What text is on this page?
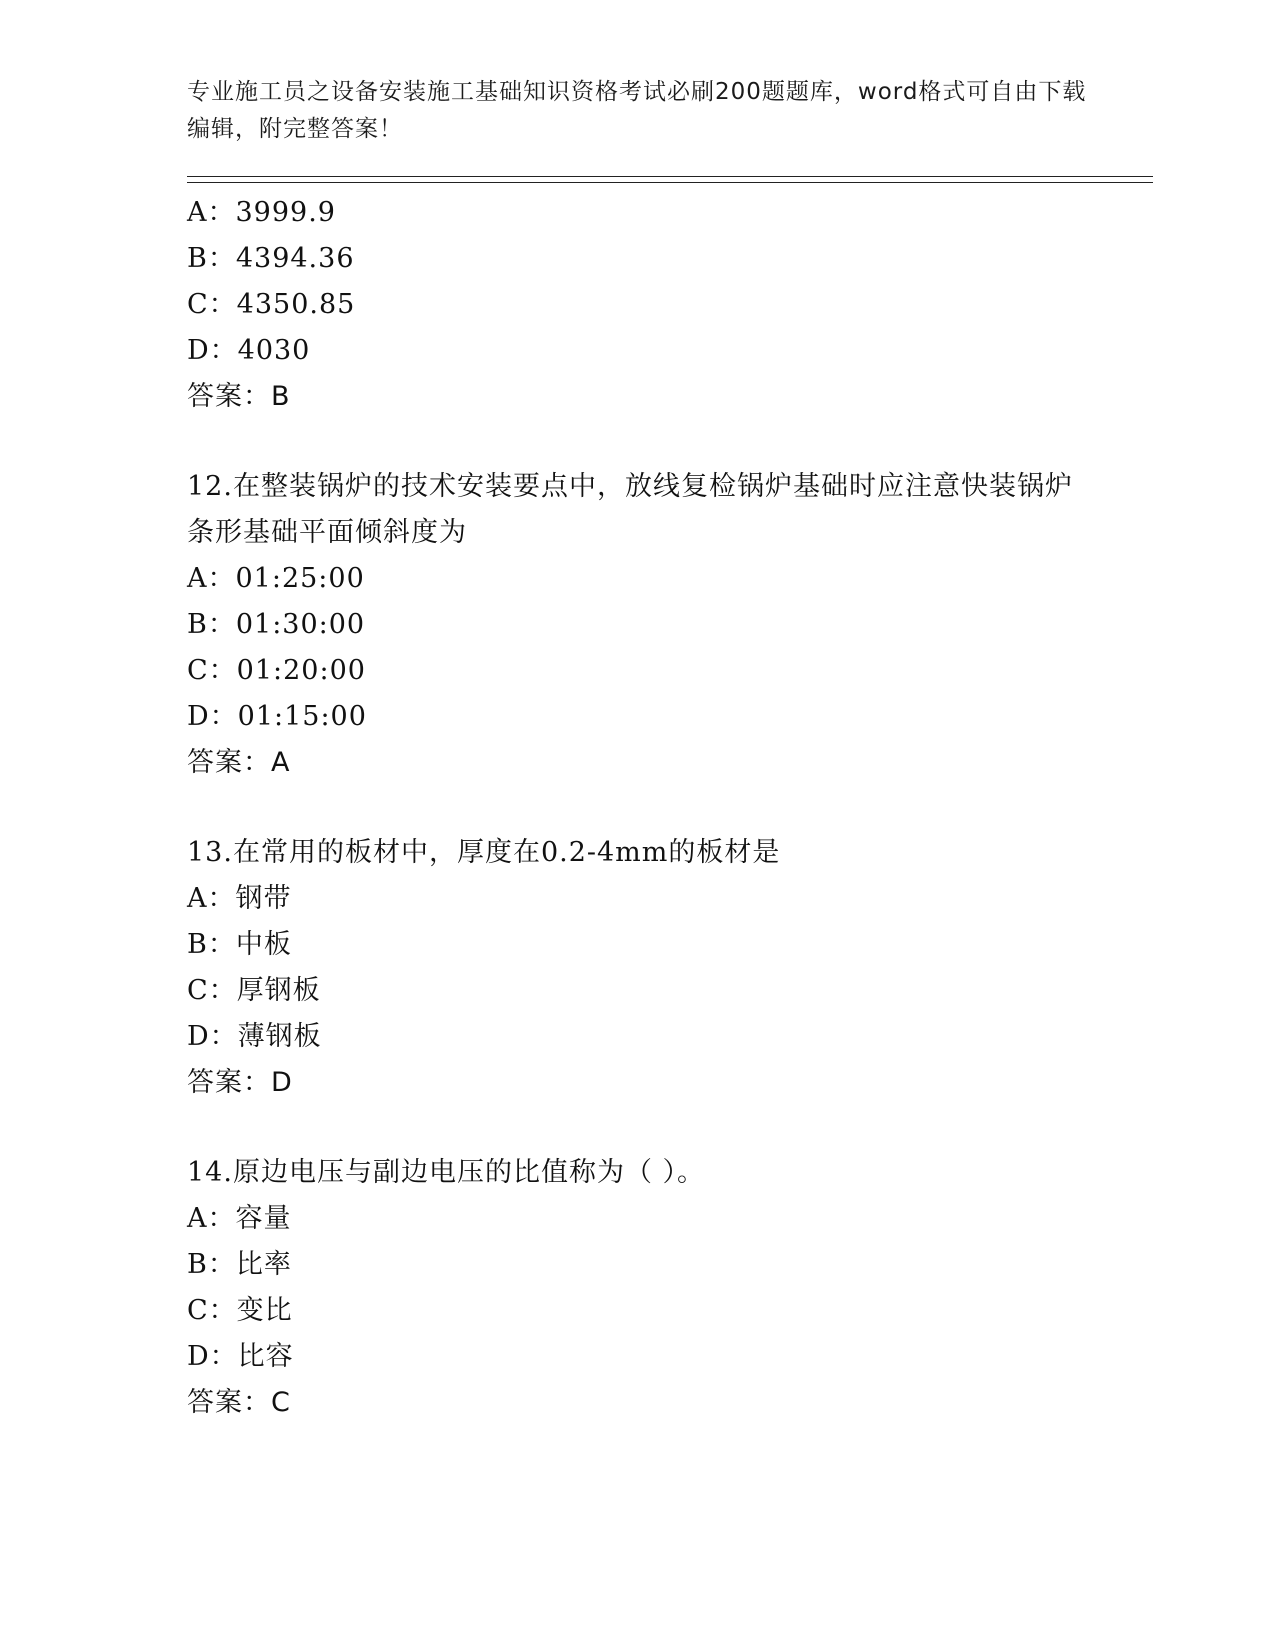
专业施工员之设备安装施工基础知识资格考试必刷200题题库，word格式可自由下载编辑，附完整答案！
A：3999.9
B：4394.36
C：4350.85
D：4030
答案：B
12.在整装锅炉的技术安装要点中，放线复检锅炉基础时应注意快装锅炉条形基础平面倾斜度为
A：01:25:00
B：01:30:00
C：01:20:00
D：01:15:00
答案：A
13.在常用的板材中，厚度在0.2-4mm的板材是
A：钢带
B：中板
C：厚钢板
D：薄钢板
答案：D
14.原边电压与副边电压的比值称为（ ）。
A：容量
B：比率
C：变比
D：比容
答案：C
